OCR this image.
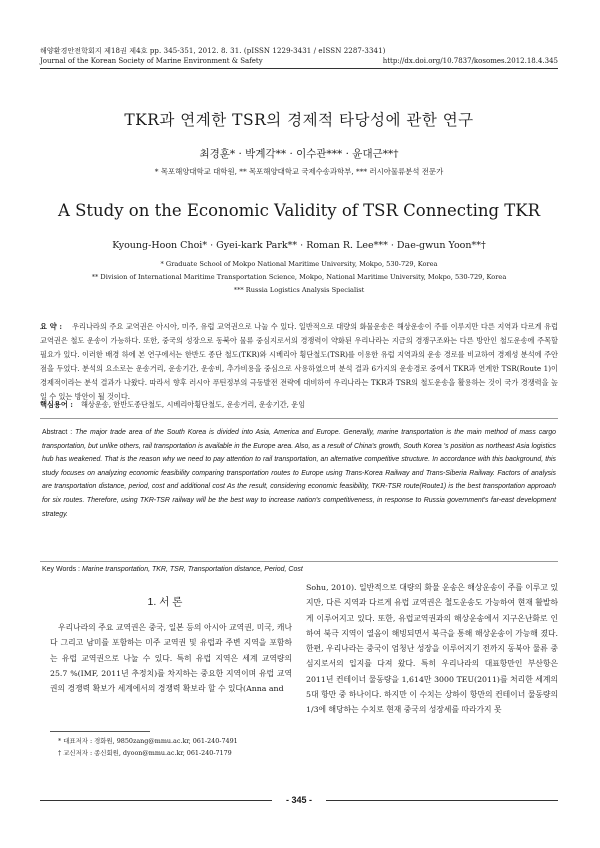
해양환경안전학회지 제18권 제4호 pp. 345-351, 2012. 8. 31. (pISSN 1229-3431 / eISSN 2287-3341)
Journal of the Korean Society of Marine Environment & Safety	http://dx.doi.org/10.7837/kosomes.2012.18.4.345
TKR과 연계한 TSR의 경제적 타당성에 관한 연구
최경훈* · 박계각** · 이수관*** · 윤대근**†
* 목포해양대학교 대학원, ** 목포해양대학교 국제수송과학부, *** 러시아물류분석 전문가
A Study on the Economic Validity of TSR Connecting TKR
Kyoung-Hoon Choi* · Gyei-kark Park** · Roman R. Lee*** · Dae-gwun Yoon**†
* Graduate School of Mokpo National Maritime University, Mokpo, 530-729, Korea
** Division of International Maritime Transportation Science, Mokpo, National Maritime University, Mokpo, 530-729, Korea
*** Russia Logistics Analysis Specialist
요 약 : 우리나라의 주요 교역권은 아시아, 미주, 유럽 교역권으로 나눌 수 있다. 일반적으로 대량의 화물운송은 해상운송이 주를 이루지만 다른 지역과 다르게 유럽 교역권은 철도 운송이 가능하다. 또한, 중국의 성장으로 동북아 물류 중심지로서의 경쟁력이 약화된 우리나라는 지금의 경쟁구조와는 다른 방안인 철도운송에 주목할 필요가 있다. 이러한 배경 하에 본 연구에서는 한반도 종단 철도(TKR)와 시베리아 횡단철도(TSR)를 이용한 유럽 지역과의 운송 경로를 비교하여 경제성 분석에 주안점을 두었다. 분석의 요소로는 운송거리, 운송기간, 운송비, 추가비용을 중심으로 사용하였으며 분석 결과 6가지의 운송경로 중에서 TKR과 연계한 TSR(Route 1)이 경제적이라는 분석 결과가 나왔다. 따라서 향후 러시아 푸틴정부의 극동발전 전략에 대비하여 우리나라는 TKR과 TSR의 철도운송을 활용하는 것이 국가 경쟁력을 높일 수 있는 방안이 될 것이다.
핵심용어 : 해상운송, 한반도종단철도, 시베리아횡단철도, 운송거리, 운송기간, 운임
Abstract : The major trade area of the South Korea is divided into Asia, America and Europe. Generally, marine transportation is the main method of mass cargo transportation, but unlike others, rail transportation is available in the Europe area. Also, as a result of China's growth, South Korea 's position as northeast Asia logistics hub has weakened. That is the reason why we need to pay attention to rail transportation, an alternative competitive structure. In accordance with this background, this study focuses on analyzing economic feasibility comparing transportation routes to Europe using Trans-Korea Railway and Trans-Siberia Railway. Factors of analysis are transportation distance, period, cost and additional cost As the result, considering economic feasibility, TKR-TSR route(Route1) is the best transportation approach for six routes. Therefore, using TKR-TSR railway will be the best way to increase nation's competitiveness, in response to Russia government's far-east development strategy.
Key Words : Marine transportation, TKR, TSR, Transportation distance, Period, Cost
1. 서 론
우리나라의 주요 교역권은 중국, 일본 등의 아시아 교역권, 미국, 캐나다 그리고 남미를 포함하는 미주 교역권 및 유럽과 주변 지역을 포함하는 유럽 교역권으로 나눌 수 있다. 특히 유럽 지역은 세계 교역량의 25.7 %(IMF, 2011년 추정치)를 차지하는 중요한 지역이며 유럽 교역권의 경쟁력 확보가 세계에서의 경쟁력 확보라 할 수 있다(Anna and
Sohu, 2010). 일반적으로 대량의 화물 운송은 해상운송이 주를 이루고 있지만, 다른 지역과 다르게 유럽 교역권은 철도운송도 가능하여 현재 활발하게 이루어지고 있다. 또한, 유럽교역권과의 해상운송에서 지구온난화로 인하여 북극 지역이 열음이 해빙되면서 북극을 통해 해상운송이 가능해 졌다. 한편, 우리나라는 중국이 엄청난 성장을 이루어지기 전까지 동북아 물류 중심지로서의 입지를 다져 왔다. 특히 우리나라의 대표항만인 부산항은 2011년 컨테이너 물동량을 1,614만 3000 TEU(2011)를 처리한 세계의 5대 항만 중 하나이다. 하지만 이 수치는 상하이 항만의 컨테이너 물동량의 1/3에 해당하는 수치로 현재 중국의 성장세를 따라가지 못
* 대표저자 : 경화원, 9850zang@mmu.ac.kr, 061-240-7491
† 교신저자 : 종신회원, dyoon@mmu.ac.kr, 061-240-7179
- 345 -
